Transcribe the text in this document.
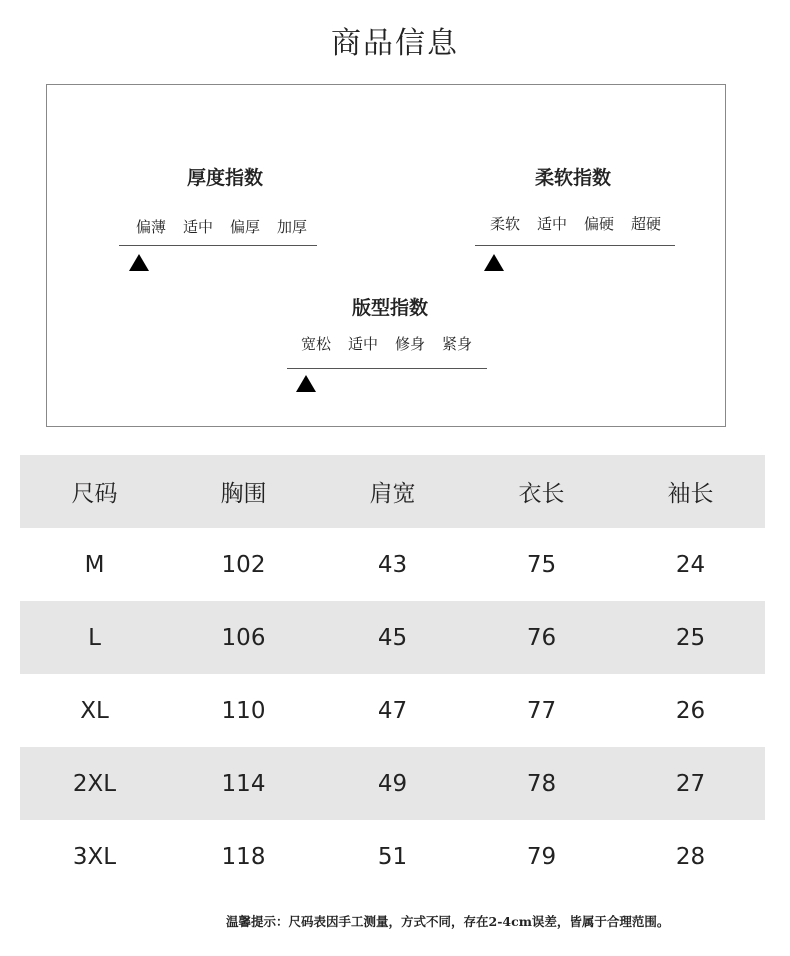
商品信息
厚度指数
偏薄 适中 偏厚 加厚
柔软指数
柔软 适中 偏硬 超硬
版型指数
宽松 适中 修身 紧身
尺码	胸围	肩宽	衣长	袖长
M	102	43	75	24
L	106	45	76	25
XL	110	47	77	26
2XL	114	49	78	27
3XL	118	51	79	28
温馨提示：尺码表因手工测量，方式不同，存在2-4cm误差，皆属于合理范围。
